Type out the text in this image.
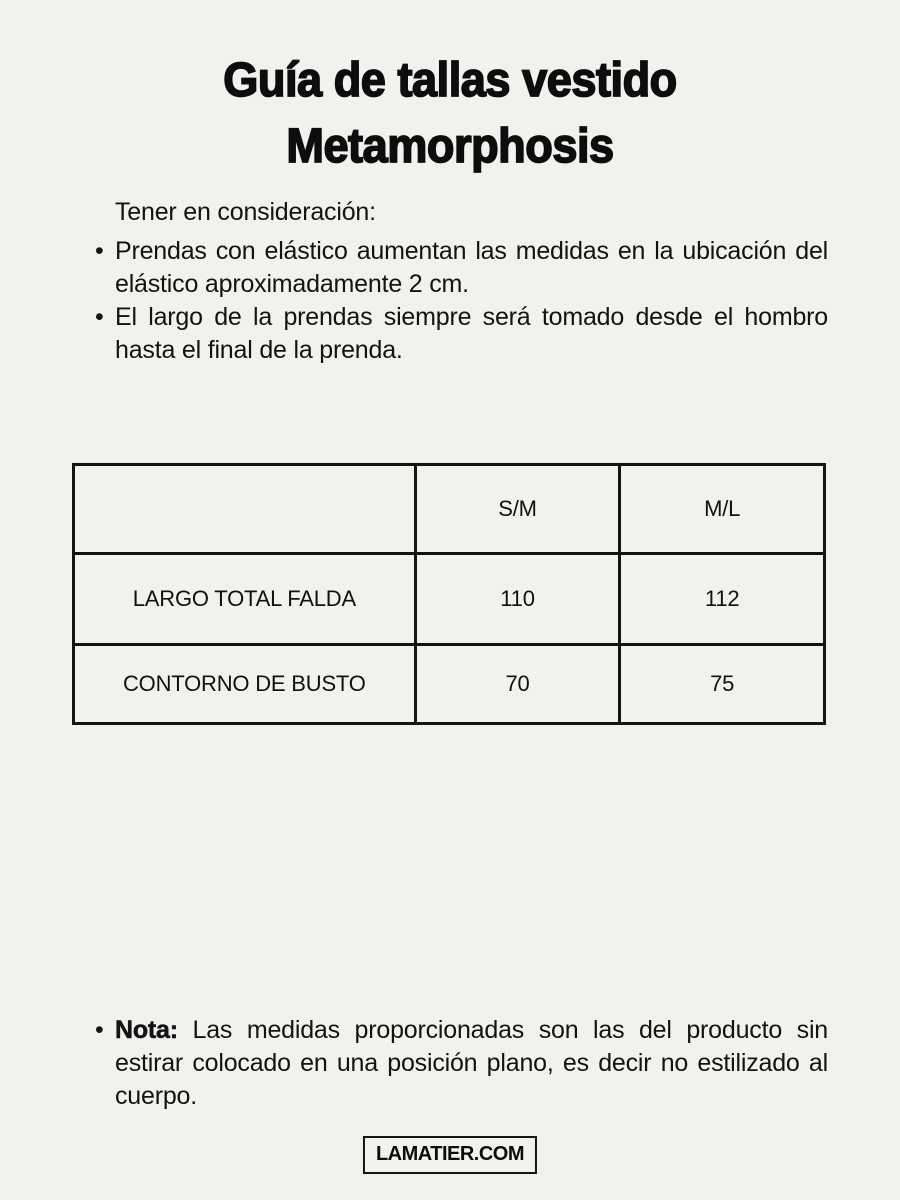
Guía de tallas vestido Metamorphosis
Tener en consideración:
• Prendas con elástico aumentan las medidas en la ubicación del elástico aproximadamente 2 cm.
• El largo de la prendas siempre será tomado desde el hombro hasta el final de la prenda.
	S/M	M/L
LARGO TOTAL FALDA	110	112
CONTORNO DE BUSTO	70	75
• Nota: Las medidas proporcionadas son las del producto sin estirar colocado en una posición plano, es decir no estilizado al cuerpo.
LAMATIER.COM
